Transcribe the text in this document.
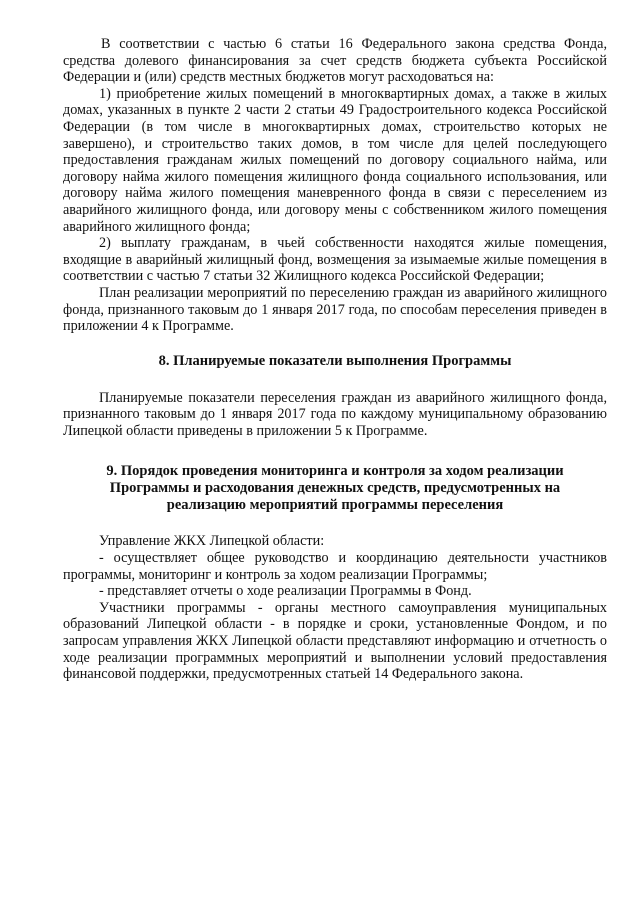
В соответствии с частью 6 статьи 16 Федерального закона средства Фонда, средства долевого финансирования за счет средств бюджета субъекта Российской Федерации и (или) средств местных бюджетов могут расходоваться на:

1) приобретение жилых помещений в многоквартирных домах, а также в жилых домах, указанных в пункте 2 части 2 статьи 49 Градостроительного кодекса Российской Федерации (в том числе в многоквартирных домах, строительство которых не завершено), и строительство таких домов, в том числе для целей последующего предоставления гражданам жилых помещений по договору социального найма, или договору найма жилого помещения жилищного фонда социального использования, или договору найма жилого помещения маневренного фонда в связи с переселением из аварийного жилищного фонда, или договору мены с собственником жилого помещения аварийного жилищного фонда;

2) выплату гражданам, в чьей собственности находятся жилые помещения, входящие в аварийный жилищный фонд, возмещения за изымаемые жилые помещения в соответствии с частью 7 статьи 32 Жилищного кодекса Российской Федерации;

План реализации мероприятий по переселению граждан из аварийного жилищного фонда, признанного таковым до 1 января 2017 года, по способам переселения приведен в приложении 4 к Программе.

8. Планируемые показатели выполнения Программы

Планируемые показатели переселения граждан из аварийного жилищного фонда, признанного таковым до 1 января 2017 года по каждому муниципальному образованию Липецкой области приведены в приложении 5 к Программе.

9. Порядок проведения мониторинга и контроля за ходом реализации
Программы и расходования денежных средств, предусмотренных на
реализацию мероприятий программы переселения

Управление ЖКХ Липецкой области:

- осуществляет общее руководство и координацию деятельности участников программы, мониторинг и контроль за ходом реализации Программы;

- представляет отчеты о ходе реализации Программы в Фонд.

Участники программы - органы местного самоуправления муниципальных образований Липецкой области - в порядке и сроки, установленные Фондом, и по запросам управления ЖКХ Липецкой области представляют информацию и отчетность о ходе реализации программных мероприятий и выполнении условий предоставления финансовой поддержки, предусмотренных статьей 14 Федерального закона.
